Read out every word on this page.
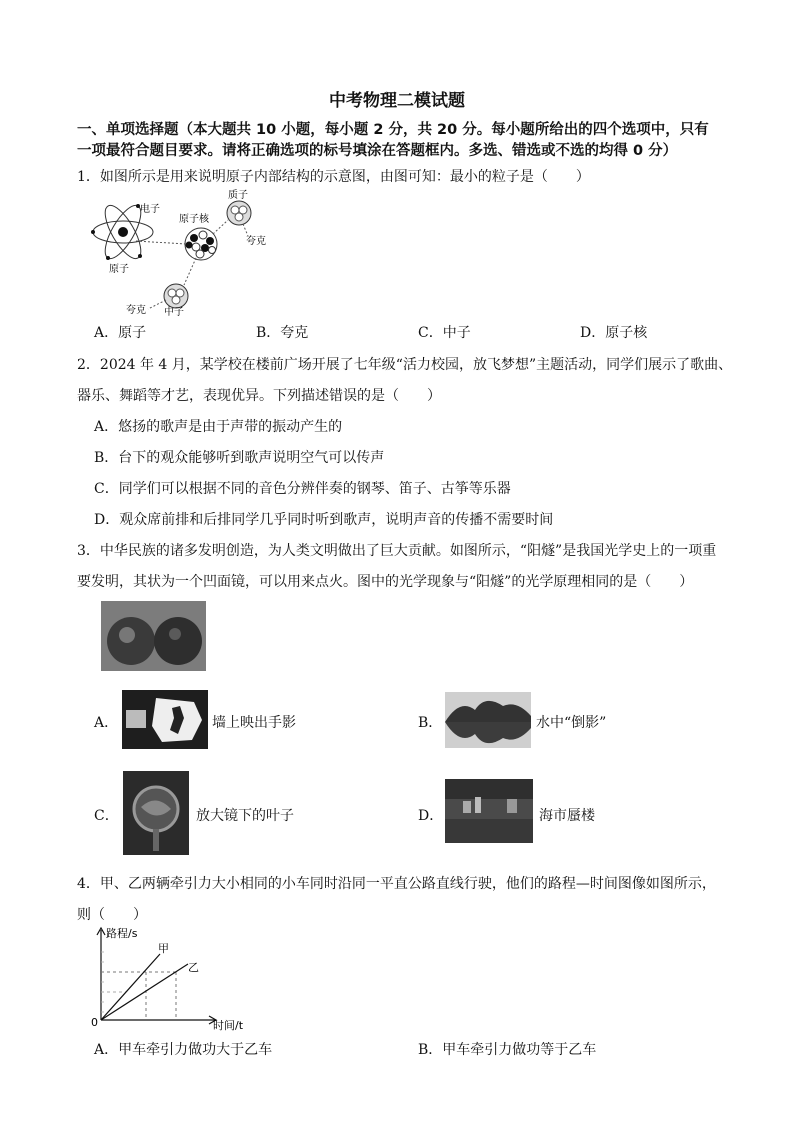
中考物理二模试题
一、单项选择题（本大题共 10 小题，每小题 2 分，共 20 分。每小题所给出的四个选项中，只有
一项最符合题目要求。请将正确选项的标号填涂在答题框内。多选、错选或不选的均得 0 分）
1．如图所示是用来说明原子内部结构的示意图，由图可知：最小的粒子是（　　）
电子
原子核
质子
原子
夸克
夸克 中子
A．原子	B．夸克	C．中子	D．原子核
2．2024 年 4 月，某学校在楼前广场开展了七年级“活力校园，放飞梦想”主题活动，同学们展示了歌曲、
器乐、舞蹈等才艺，表现优异。下列描述错误的是（　　）
A．悠扬的歌声是由于声带的振动产生的
B．台下的观众能够听到歌声说明空气可以传声
C．同学们可以根据不同的音色分辨伴奏的钢琴、笛子、古筝等乐器
D．观众席前排和后排同学几乎同时听到歌声，说明声音的传播不需要时间
3．中华民族的诸多发明创造，为人类文明做出了巨大贡献。如图所示，“阳燧”是我国光学史上的一项重
要发明，其状为一个凹面镜，可以用来点火。图中的光学现象与“阳燧”的光学原理相同的是（　　）
A．	墙上映出手影	B．	水中“倒影”
C．	放大镜下的叶子	D．	海市蜃楼
4．甲、乙两辆牵引力大小相同的小车同时沿同一平直公路直线行驶，他们的路程—时间图像如图所示，
则（　　）
路程/s
甲
乙
0	时间/t
A．甲车牵引力做功大于乙车	B．甲车牵引力做功等于乙车
